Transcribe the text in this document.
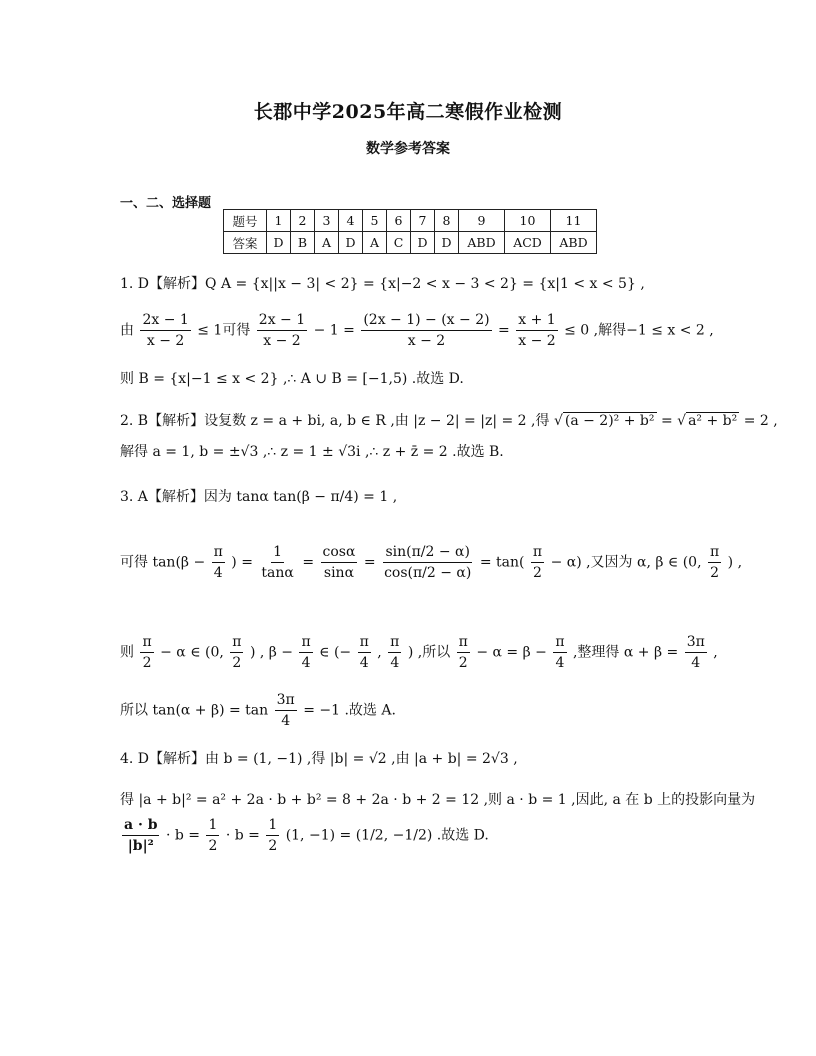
长郡中学2025年高二寒假作业检测
数学参考答案
一、二、选择题
题号	1	2	3	4	5	6	7	8	9	10	11
答案	D	B	A	D	A	C	D	D	ABD	ACD	ABD
1. D【解析】Q A = {x||x − 3| < 2} = {x|−2 < x − 3 < 2} = {x|1 < x < 5} ,
由 $\frac{2x - 1}{x - 2} \le 1$可得 $\frac{2x - 1}{x - 2} - 1 = \frac{(2x - 1) - (x - 2)}{x - 2} = \frac{x + 1}{x - 2} \le 0$ ,解得−1 ≤ x < 2 ,
则 B = {x|−1 ≤ x < 2} ,∴ A ∪ B = [−1,5) .故选 D.
2. B【解析】设复数 z = a + bi, a, b ∈ R ,由 |z − 2| = |z| = 2 ,得 √ (a − 2)² + b² = √ a² + b² = 2 ,
解得 a = 1, b = ±√3 ,∴ z = 1 ± √3i ,∴ z + z̄ = 2 .故选 B.
3. A【解析】因为 tanα tan(β − π/4) = 1 ,
可得 $\tan(\beta - \frac{\pi}{4}$ ) = $\frac{1}{\tan\alpha} = \frac{\cos\alpha}{\sin\alpha} = \frac{\sin(\pi/2 - \alpha)}{\cos(\pi/2 - \alpha)} = \tan( \frac{\pi}{2} - \alpha)$ ,又因为 α, β ∈ (0, $\frac{\pi}{2}$ ) ,
则 $\frac{\pi}{2} - \alpha$ ∈ (0, $\frac{\pi}{2}$ ) , $\beta - \frac{\pi}{4}$ ∈ (− $\frac{\pi}{4}$ , $\frac{\pi}{4}$ ) ,所以 $\frac{\pi}{2} - \alpha = \beta - \frac{\pi}{4}$ ,整理得 $\alpha + \beta = \frac{3\pi}{4}$ ,
所以 $\tan(\alpha + \beta) = \tan \frac{3\pi}{4} = -1$ .故选 A.
4. D【解析】由 b = (1, −1) ,得 |b| = √2 ,由 |a + b| = 2√3 ,
得 |a + b|² = a² + 2a · b + b² = 8 + 2a · b + 2 = 12 ,则 a · b = 1 ,因此, a 在 b 上的投影向量为
$\frac{a \cdot b}{\text{|b|²}} \cdot b = \frac{1}{2} \cdot b = \frac{1}{2} (1$, −1) = (1/2, −1/2) .故选 D.
